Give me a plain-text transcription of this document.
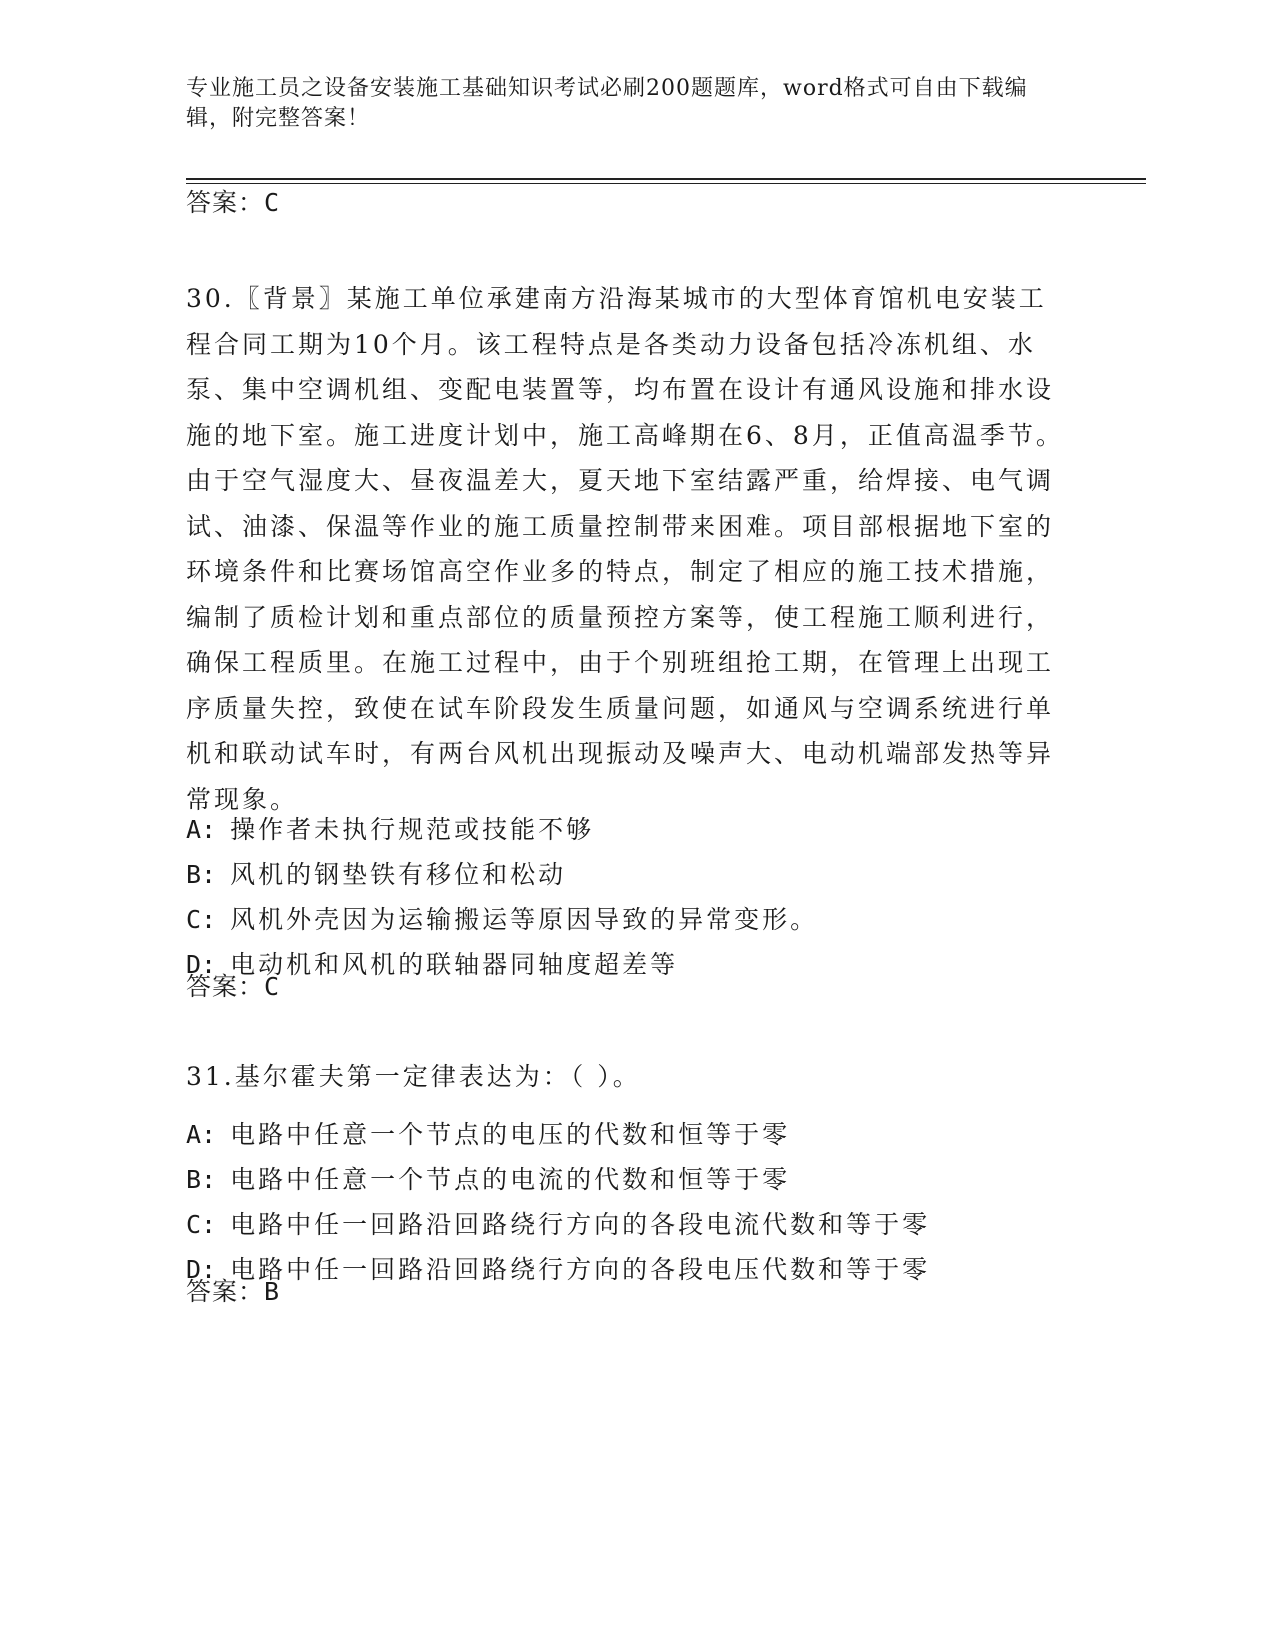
专业施工员之设备安装施工基础知识考试必刷200题题库，word格式可自由下载编辑，附完整答案！
答案：C
30.〖背景〗某施工单位承建南方沿海某城市的大型体育馆机电安装工程合同工期为10个月。该工程特点是各类动力设备包括冷冻机组、水泵、集中空调机组、变配电装置等，均布置在设计有通风设施和排水设施的地下室。施工进度计划中，施工高峰期在6、8月，正值高温季节。由于空气湿度大、昼夜温差大，夏天地下室结露严重，给焊接、电气调试、油漆、保温等作业的施工质量控制带来困难。项目部根据地下室的环境条件和比赛场馆高空作业多的特点，制定了相应的施工技术措施，编制了质检计划和重点部位的质量预控方案等，使工程施工顺利进行，确保工程质里。在施工过程中，由于个别班组抢工期，在管理上出现工序质量失控，致使在试车阶段发生质量问题，如通风与空调系统进行单机和联动试车时，有两台风机出现振动及噪声大、电动机端部发热等异常现象。
A: 操作者未执行规范或技能不够
B: 风机的钢垫铁有移位和松动
C: 风机外壳因为运输搬运等原因导致的异常变形。
D: 电动机和风机的联轴器同轴度超差等
答案：C
31.基尔霍夫第一定律表达为：（ ）。
A: 电路中任意一个节点的电压的代数和恒等于零
B: 电路中任意一个节点的电流的代数和恒等于零
C: 电路中任一回路沿回路绕行方向的各段电流代数和等于零
D: 电路中任一回路沿回路绕行方向的各段电压代数和等于零
答案：B
